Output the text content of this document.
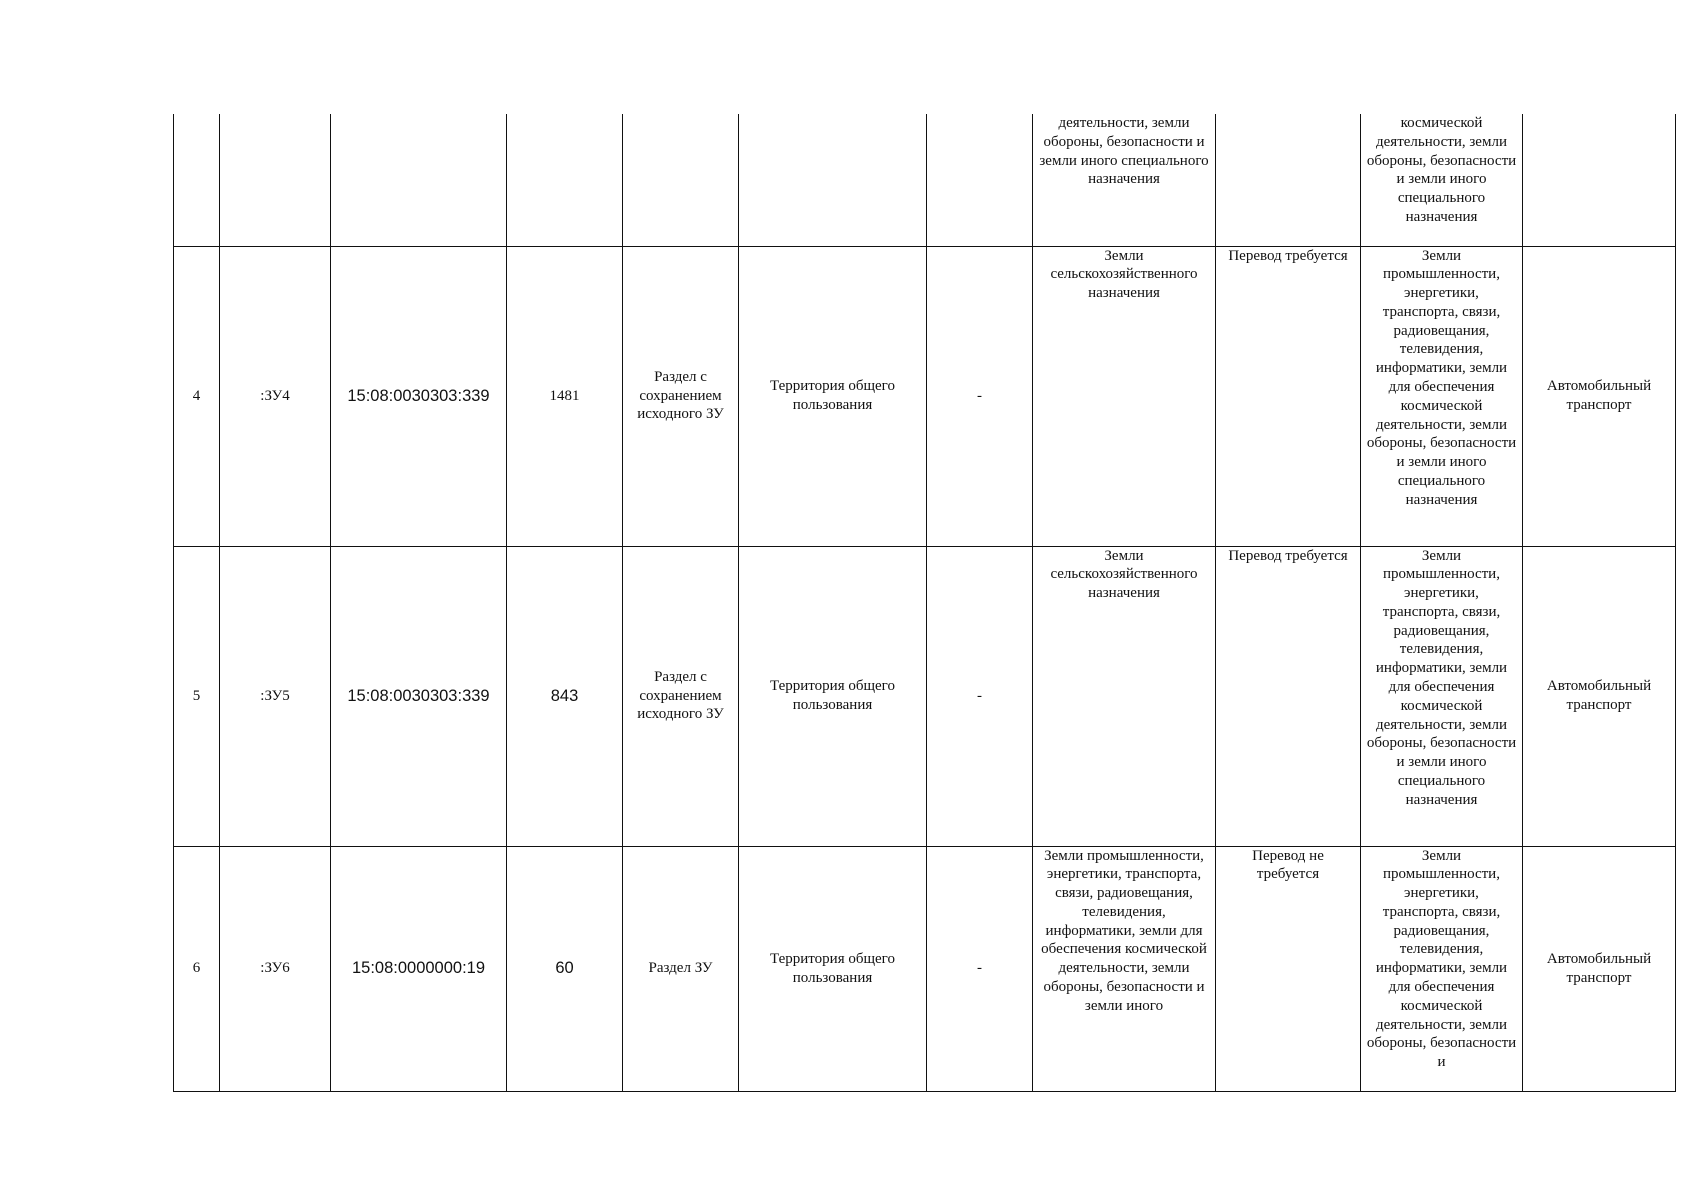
							деятельности, земли обороны, безопасности и земли иного специального назначения		космической деятельности, земли обороны, безопасности и земли иного специального назначения	

4	:ЗУ4	15:08:0030303:339	1481	Раздел с сохранением исходного ЗУ	Территория общего пользования	-	Земли сельскохозяйственного назначения	Перевод требуется	Земли промышленности, энергетики, транспорта, связи, радиовещания, телевидения, информатики, земли для обеспечения космической деятельности, земли обороны, безопасности и земли иного специального назначения	Автомобильный транспорт
5	:ЗУ5	15:08:0030303:339	843	Раздел с сохранением исходного ЗУ	Территория общего пользования	-	Земли сельскохозяйственного назначения	Перевод требуется	Земли промышленности, энергетики, транспорта, связи, радиовещания, телевидения, информатики, земли для обеспечения космической деятельности, земли обороны, безопасности и земли иного специального назначения	Автомобильный транспорт
6	:ЗУ6	15:08:0000000:19	60	Раздел ЗУ	Территория общего пользования	-	Земли промышленности, энергетики, транспорта, связи, радиовещания, телевидения, информатики, земли для обеспечения космической деятельности, земли обороны, безопасности и земли иного	Перевод не требуется	Земли промышленности, энергетики, транспорта, связи, радиовещания, телевидения, информатики, земли для обеспечения космической деятельности, земли обороны, безопасности и	Автомобильный транспорт
